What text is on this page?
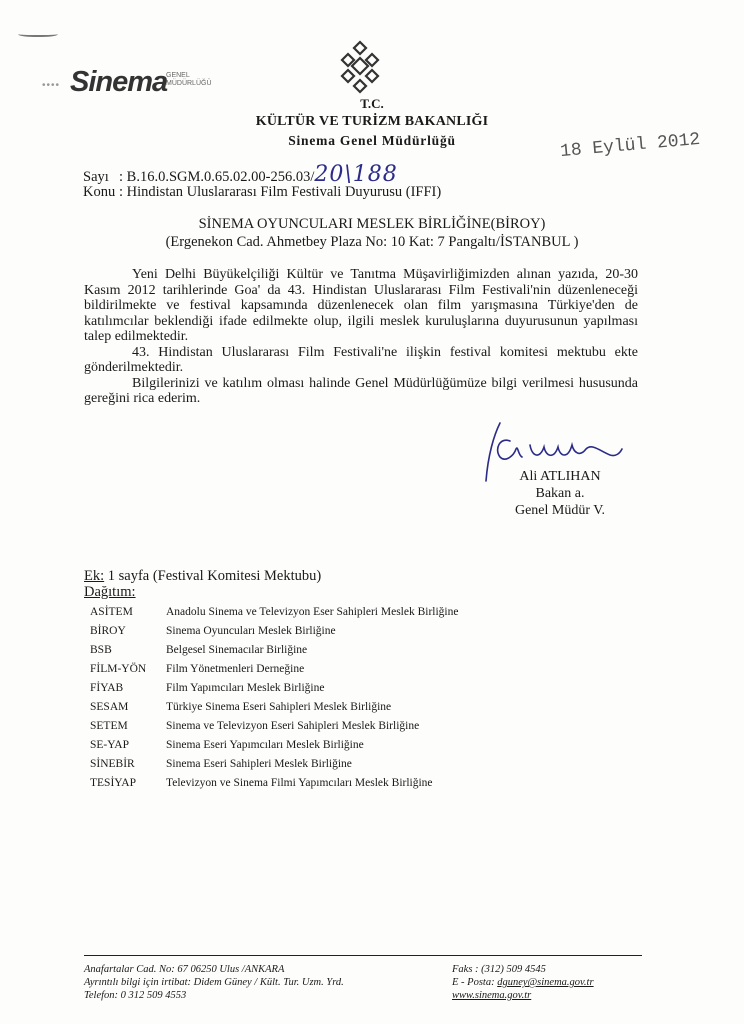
•••• Sinema
GENEL
MÜDÜRLÜĞÜ
T.C.
KÜLTÜR VE TURİZM BAKANLIĞI
Sinema Genel Müdürlüğü	18 Eylül 2012
Sayı : B.16.0.SGM.0.65.02.00-256.03/20\188
Konu : Hindistan Uluslararası Film Festivali Duyurusu (IFFI)
SİNEMA OYUNCULARI MESLEK BİRLİĞİNE(BİROY)
(Ergenekon Cad. Ahmetbey Plaza No: 10 Kat: 7 Pangaltı/İSTANBUL )

Yeni Delhi Büyükelçiliği Kültür ve Tanıtma Müşavirliğimizden alınan yazıda, 20-30 Kasım 2012 tarihlerinde Goa' da 43. Hindistan Uluslararası Film Festivali'nin düzenleneceği bildirilmekte ve festival kapsamında düzenlenecek olan film yarışmasına Türkiye'den de katılımcılar beklendiği ifade edilmekte olup, ilgili meslek kuruluşlarına duyurusunun yapılması talep edilmektedir.

43. Hindistan Uluslararası Film Festivali'ne ilişkin festival komitesi mektubu ekte gönderilmektedir.

Bilgilerinizi ve katılım olması halinde Genel Müdürlüğümüze bilgi verilmesi hususunda gereğini rica ederim.

Ali ATLIHAN
Bakan a.
Genel Müdür V.
Ek: 1 sayfa (Festival Komitesi Mektubu)
Dağıtım:
ASİTEM	Anadolu Sinema ve Televizyon Eser Sahipleri Meslek Birliğine
BİROY	Sinema Oyuncuları Meslek Birliğine
BSB	Belgesel Sinemacılar Birliğine
FİLM-YÖN	Film Yönetmenleri Derneğine
FİYAB	Film Yapımcıları Meslek Birliğine
SESAM	Türkiye Sinema Eseri Sahipleri Meslek Birliğine
SETEM	Sinema ve Televizyon Eseri Sahipleri Meslek Birliğine
SE-YAP	Sinema Eseri Yapımcıları Meslek Birliğine
SİNEBİR	Sinema Eseri Sahipleri Meslek Birliğine
TESİYAP	Televizyon ve Sinema Filmi Yapımcıları Meslek Birliğine
Anafartalar Cad. No: 67 06250 Ulus /ANKARA
Ayrıntılı bilgi için irtibat: Didem Güney / Kült. Tur. Uzm. Yrd.
Telefon: 0 312 509 4553
Faks : (312) 509 4545
E - Posta: dguney@sinema.gov.tr
www.sinema.gov.tr
